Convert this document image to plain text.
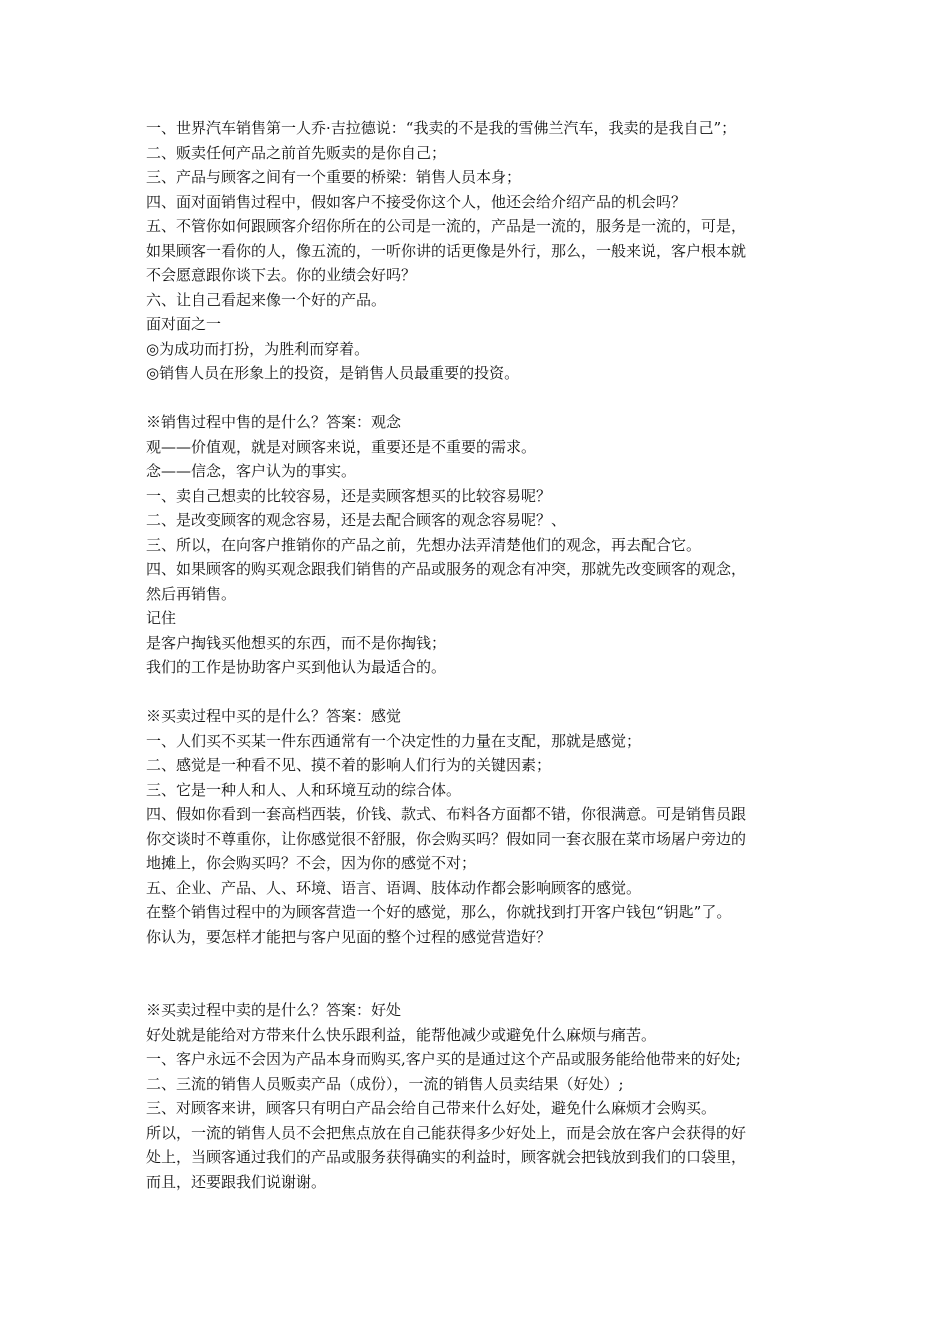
一、世界汽车销售第一人乔·吉拉德说：“我卖的不是我的雪佛兰汽车，我卖的是我自己”；

二、贩卖任何产品之前首先贩卖的是你自己；

三、产品与顾客之间有一个重要的桥梁：销售人员本身；

四、面对面销售过程中，假如客户不接受你这个人，他还会给介绍产品的机会吗？

五、不管你如何跟顾客介绍你所在的公司是一流的，产品是一流的，服务是一流的，可是，

如果顾客一看你的人，像五流的，一听你讲的话更像是外行，那么，一般来说，客户根本就

不会愿意跟你谈下去。你的业绩会好吗？

六、让自己看起来像一个好的产品。

面对面之一

◎为成功而打扮，为胜利而穿着。

◎销售人员在形象上的投资，是销售人员最重要的投资。

※销售过程中售的是什么？答案：观念

观——价值观，就是对顾客来说，重要还是不重要的需求。

念——信念，客户认为的事实。

一、卖自己想卖的比较容易，还是卖顾客想买的比较容易呢？

二、是改变顾客的观念容易，还是去配合顾客的观念容易呢？、

三、所以，在向客户推销你的产品之前，先想办法弄清楚他们的观念，再去配合它。

四、如果顾客的购买观念跟我们销售的产品或服务的观念有冲突，那就先改变顾客的观念，

然后再销售。

记住

是客户掏钱买他想买的东西，而不是你掏钱；

我们的工作是协助客户买到他认为最适合的。

※买卖过程中买的是什么？答案：感觉

一、人们买不买某一件东西通常有一个决定性的力量在支配，那就是感觉；

二、感觉是一种看不见、摸不着的影响人们行为的关键因素；

三、它是一种人和人、人和环境互动的综合体。

四、假如你看到一套高档西装，价钱、款式、布料各方面都不错，你很满意。可是销售员跟

你交谈时不尊重你，让你感觉很不舒服，你会购买吗？假如同一套衣服在菜市场屠户旁边的

地摊上，你会购买吗？不会，因为你的感觉不对；

五、企业、产品、人、环境、语言、语调、肢体动作都会影响顾客的感觉。

在整个销售过程中的为顾客营造一个好的感觉，那么，你就找到打开客户钱包“钥匙”了。

你认为，要怎样才能把与客户见面的整个过程的感觉营造好？

※买卖过程中卖的是什么？答案：好处

好处就是能给对方带来什么快乐跟利益，能帮他减少或避免什么麻烦与痛苦。

一、客户永远不会因为产品本身而购买,客户买的是通过这个产品或服务能给他带来的好处;

二、三流的销售人员贩卖产品（成份），一流的销售人员卖结果（好处）;

三、对顾客来讲，顾客只有明白产品会给自己带来什么好处，避免什么麻烦才会购买。

所以，一流的销售人员不会把焦点放在自己能获得多少好处上，而是会放在客户会获得的好

处上，当顾客通过我们的产品或服务获得确实的利益时，顾客就会把钱放到我们的口袋里，

而且，还要跟我们说谢谢。
